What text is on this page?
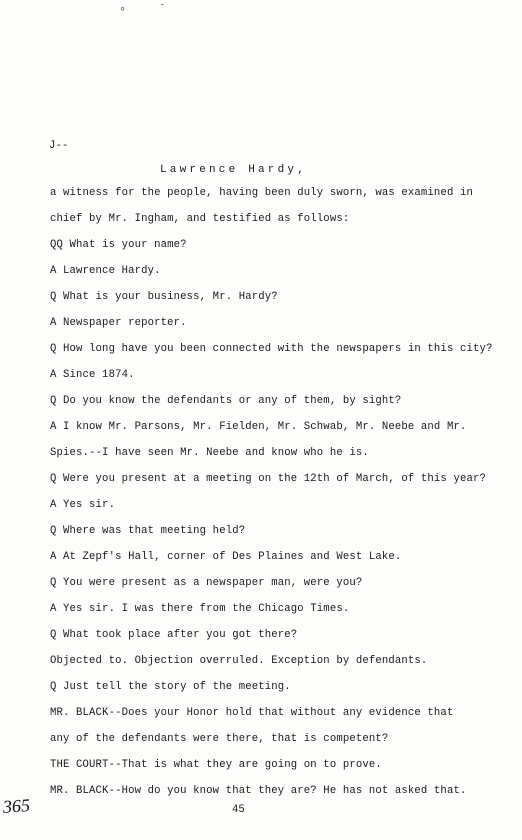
⸰	˘
J--
Lawrence Hardy,
a witness for the people, having been duly sworn, was examined in
chief by Mr. Ingham, and testified as follows:
QQ What is your name?
A Lawrence Hardy.
Q What is your business, Mr. Hardy?
A Newspaper reporter.
Q How long have you been connected with the newspapers in this city?
A Since 1874.
Q Do you know the defendants or any of them, by sight?
A I know Mr. Parsons, Mr. Fielden, Mr. Schwab, Mr. Neebe and Mr.
Spies.--I have seen Mr. Neebe and know who he is.
Q Were you present at a meeting on the 12th of March, of this year?
A Yes sir.
Q Where was that meeting held?
A At Zepf's Hall, corner of Des Plaines and West Lake.
Q You were present as a newspaper man, were you?
A Yes sir. I was there from the Chicago Times.
Q What took place after you got there?
Objected to. Objection overruled. Exception by defendants.
Q Just tell the story of the meeting.
MR. BLACK--Does your Honor hold that without any evidence that
any of the defendants were there, that is competent?
THE COURT--That is what they are going on to prove.
MR. BLACK--How do you know that they are? He has not asked that.
365	45
